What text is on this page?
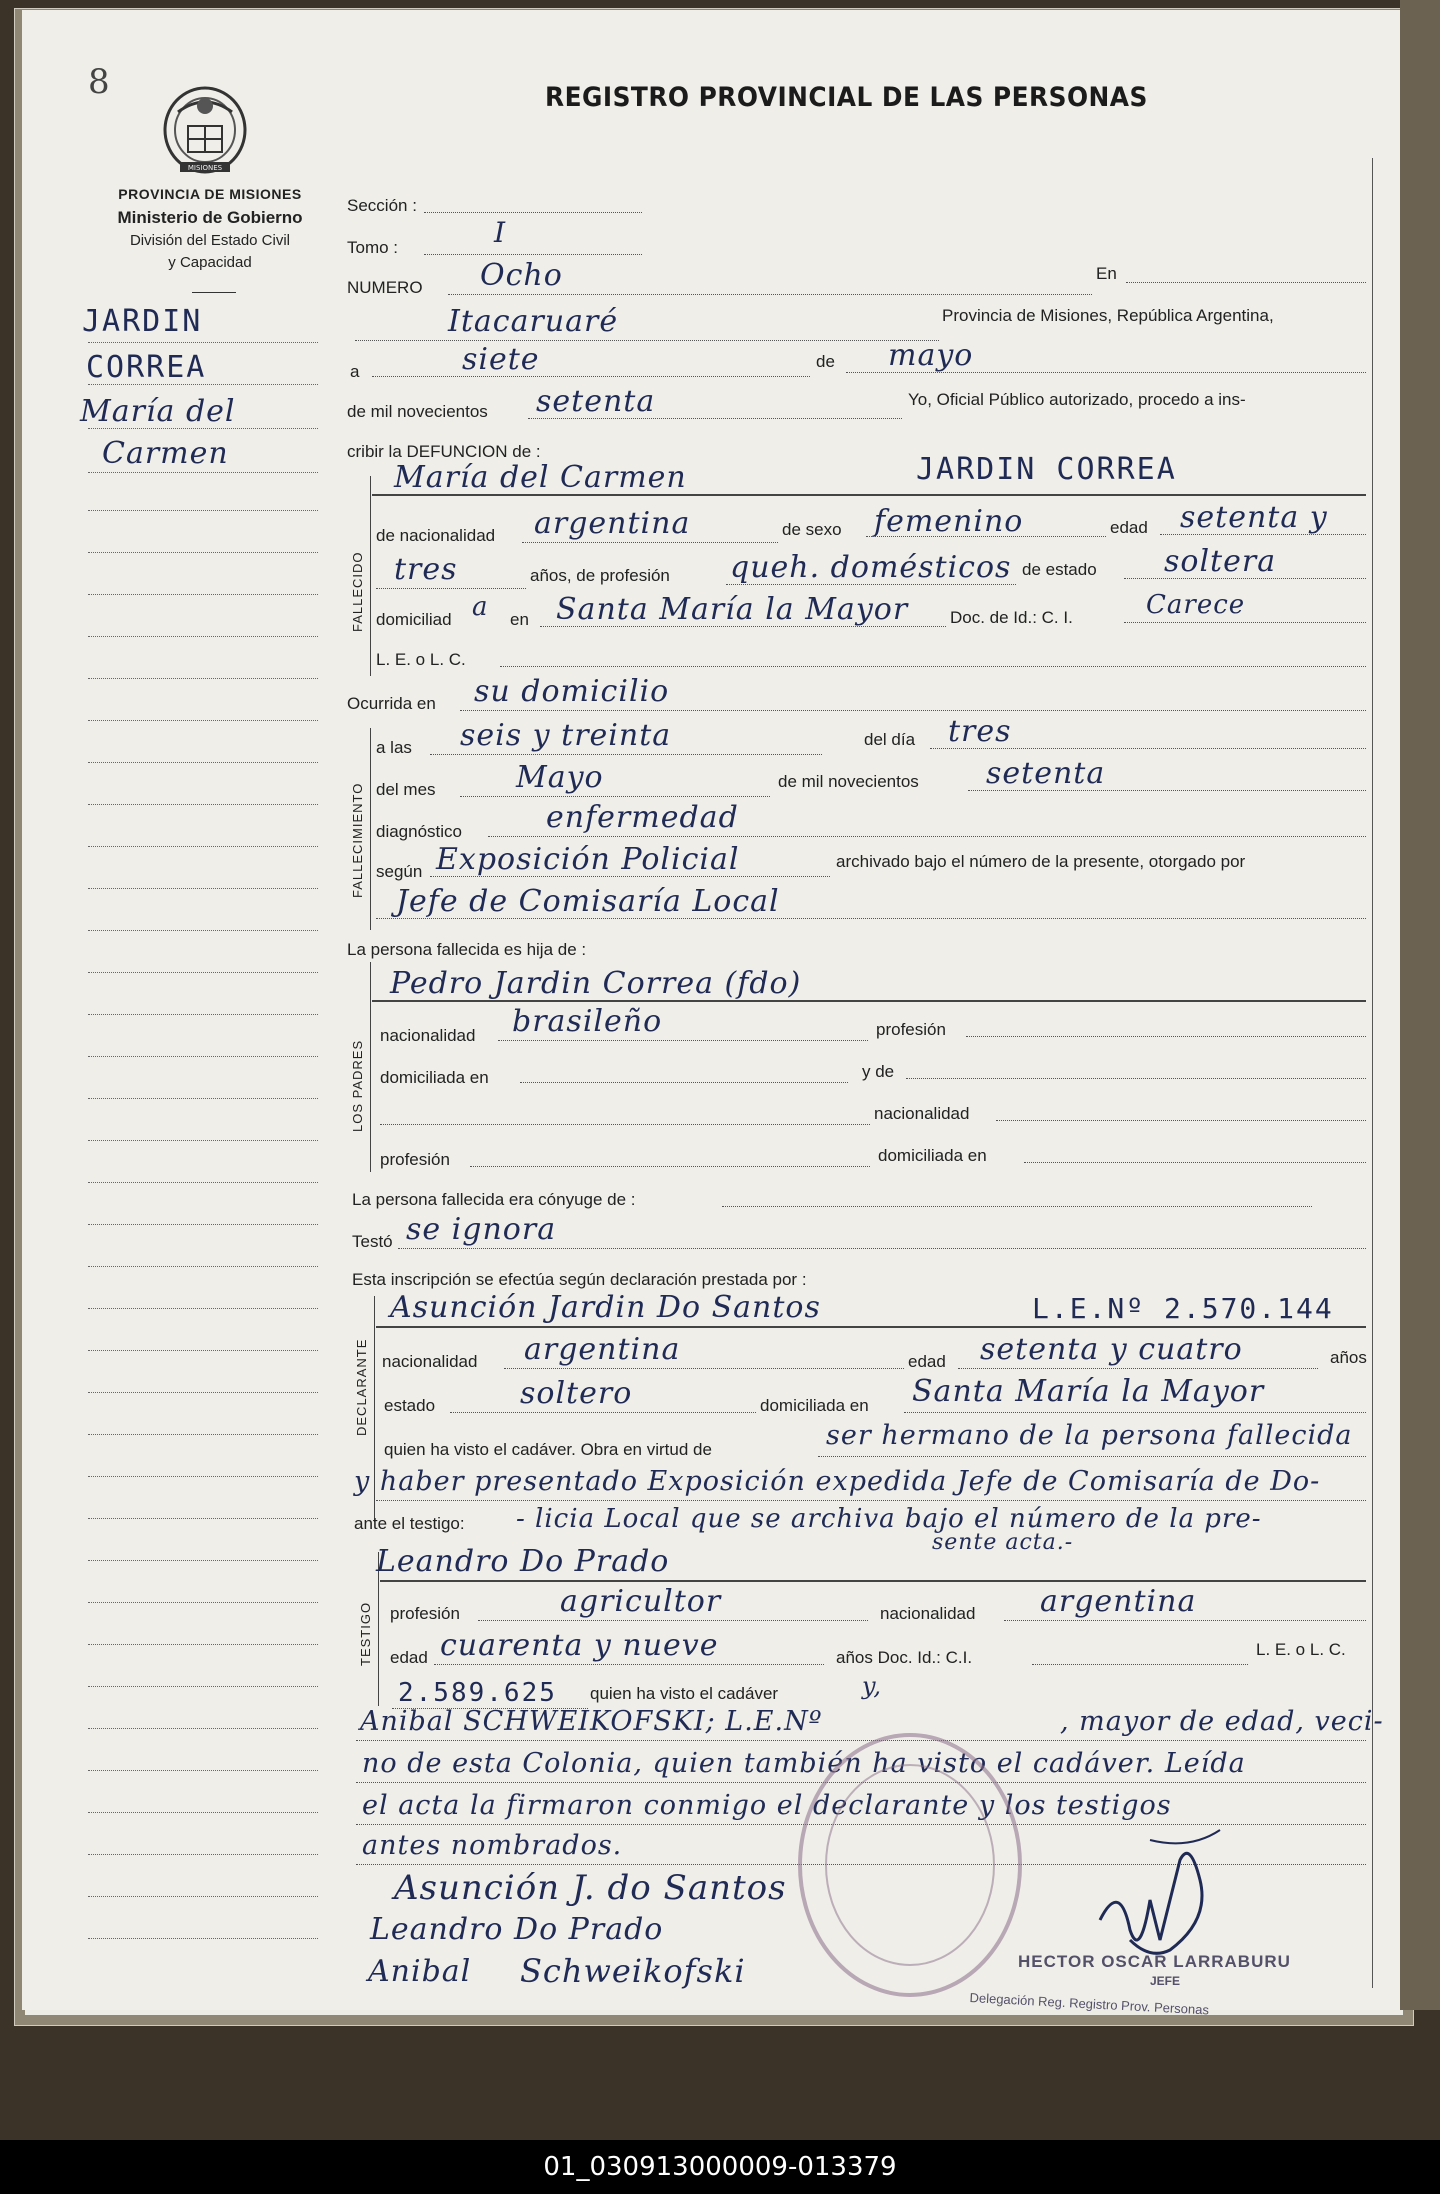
8
MISIONES
REGISTRO PROVINCIAL DE LAS PERSONAS
PROVINCIA DE MISIONES
Ministerio de Gobierno
División del Estado Civil
y Capacidad
JARDIN
CORREA
María del
Carmen
Sección :
Tomo :	I
NUMERO Ocho	En
Itacaruaré	Provincia de Misiones, República Argentina,
a	siete	de mayo
de mil novecientos setenta	Yo, Oficial Público autorizado, procedo a ins-
cribir la DEFUNCION de :
FALLECIDO
María del Carmen	JARDIN CORREA
de nacionalidad argentina	de sexo femenino	edad setenta y
tres	años, de profesión queh. domésticos de estado soltera
domiciliad a en Santa María la Mayor Doc. de Id.: C. I.	Carece
L. E. o L. C.
Ocurrida en su domicilio
FALLECIMIENTO
a las seis y treinta	del día tres
del mes	Mayo	de mil novecientos setenta
diagnóstico	enfermedad
según Exposición Policial	archivado bajo el número de la presente, otorgado por
Jefe de Comisaría Local
La persona fallecida es hija de :
LOS PADRES
Pedro Jardin Correa (fdo)
nacionalidad brasileño	profesión
domiciliada en	y de
nacionalidad
profesión	domiciliada en
La persona fallecida era cónyuge de :
Testó se ignora
Esta inscripción se efectúa según declaración prestada por :
DECLARANTE
Asunción Jardin Do Santos	L.E.Nº 2.570.144
nacionalidad argentina	edad setenta y cuatro	años
estado	soltero	domiciliada en Santa María la Mayor
quien ha visto el cadáver. Obra en virtud de	ser hermano de la persona fallecida
y haber presentado Exposición expedida Jefe de Comisaría de Do-
ante el testigo: - licia Local que se archiva bajo el número de la pre-
sente acta.-
TESTIGO
Leandro Do Prado
profesión	agricultor	nacionalidad argentina
edad cuarenta y nueve	años Doc. Id.: C.I.	L. E. o L. C.
2.589.625 quien ha visto el cadáver	y,
Anibal SCHWEIKOFSKI; L.E.Nº	, mayor de edad, veci-
no de esta Colonia, quien también ha visto el cadáver. Leída
el acta la firmaron conmigo el declarante y los testigos
antes nombrados.
Asunción J. do Santos
Leandro Do Prado
Anibal Schweikofski	HECTOR OSCAR LARRABURU
JEFE
Delegación Reg. Registro Prov. Personas
01_030913000009-013379
